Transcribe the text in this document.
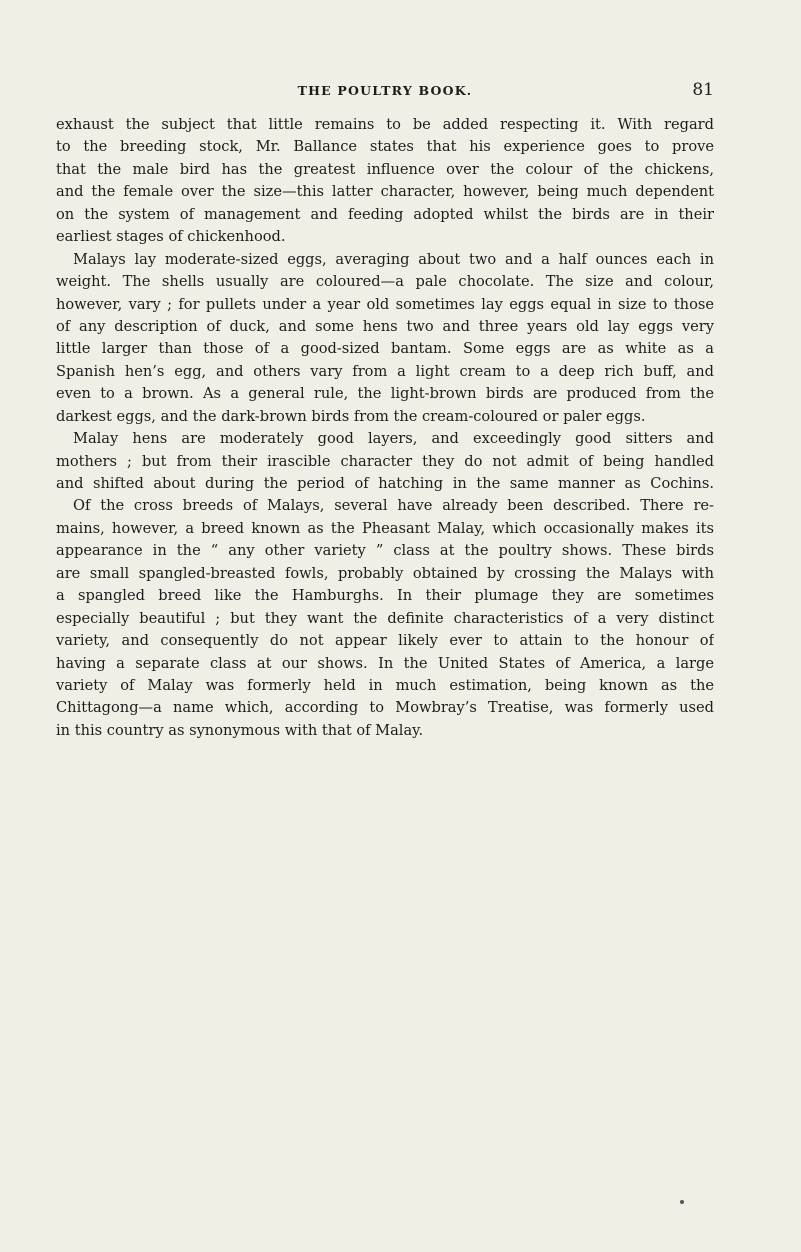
THE POULTRY BOOK.	81
exhaust the subject that little remains to be added respecting it. With regard
to the breeding stock, Mr. Ballance states that his experience goes to prove
that the male bird has the greatest influence over the colour of the chickens,
and the female over the size—this latter character, however, being much dependent
on the system of management and feeding adopted whilst the birds are in their
earliest stages of chickenhood.
Malays lay moderate-sized eggs, averaging about two and a half ounces each in
weight. The shells usually are coloured—a pale chocolate. The size and colour,
however, vary ; for pullets under a year old sometimes lay eggs equal in size to those
of any description of duck, and some hens two and three years old lay eggs very
little larger than those of a good-sized bantam. Some eggs are as white as a
Spanish hen’s egg, and others vary from a light cream to a deep rich buff, and
even to a brown. As a general rule, the light-brown birds are produced from the
darkest eggs, and the dark-brown birds from the cream-coloured or paler eggs.
Malay hens are moderately good layers, and exceedingly good sitters and
mothers ; but from their irascible character they do not admit of being handled
and shifted about during the period of hatching in the same manner as Cochins.
Of the cross breeds of Malays, several have already been described. There re-
mains, however, a breed known as the Pheasant Malay, which occasionally makes its
appearance in the “ any other variety ” class at the poultry shows. These birds
are small spangled-breasted fowls, probably obtained by crossing the Malays with
a spangled breed like the Hamburghs. In their plumage they are sometimes
especially beautiful ; but they want the definite characteristics of a very distinct
variety, and consequently do not appear likely ever to attain to the honour of
having a separate class at our shows. In the United States of America, a large
variety of Malay was formerly held in much estimation, being known as the
Chittagong—a name which, according to Mowbray’s Treatise, was formerly used
in this country as synonymous with that of Malay.
